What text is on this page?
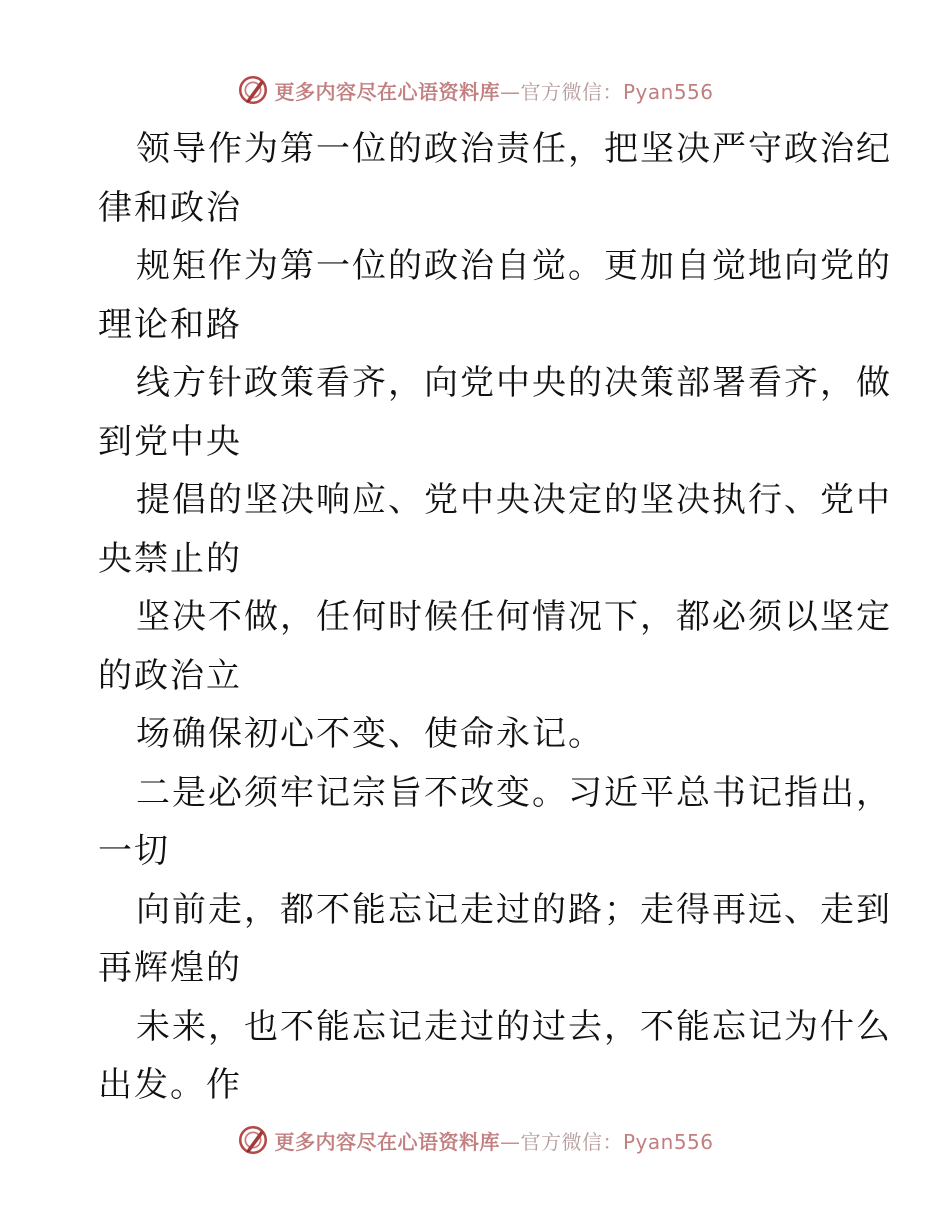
更多内容尽在心语资料库—官方微信：Pyan556
领导作为第一位的政治责任，把坚决严守政治纪
律和政治
规矩作为第一位的政治自觉。更加自觉地向党的
理论和路
线方针政策看齐，向党中央的决策部署看齐，做
到党中央
提倡的坚决响应、党中央决定的坚决执行、党中
央禁止的
坚决不做，任何时候任何情况下，都必须以坚定
的政治立
场确保初心不变、使命永记。
二是必须牢记宗旨不改变。习近平总书记指出，
一切
向前走，都不能忘记走过的路；走得再远、走到
再辉煌的
未来，也不能忘记走过的过去，不能忘记为什么
出发。作
更多内容尽在心语资料库—官方微信：Pyan556
